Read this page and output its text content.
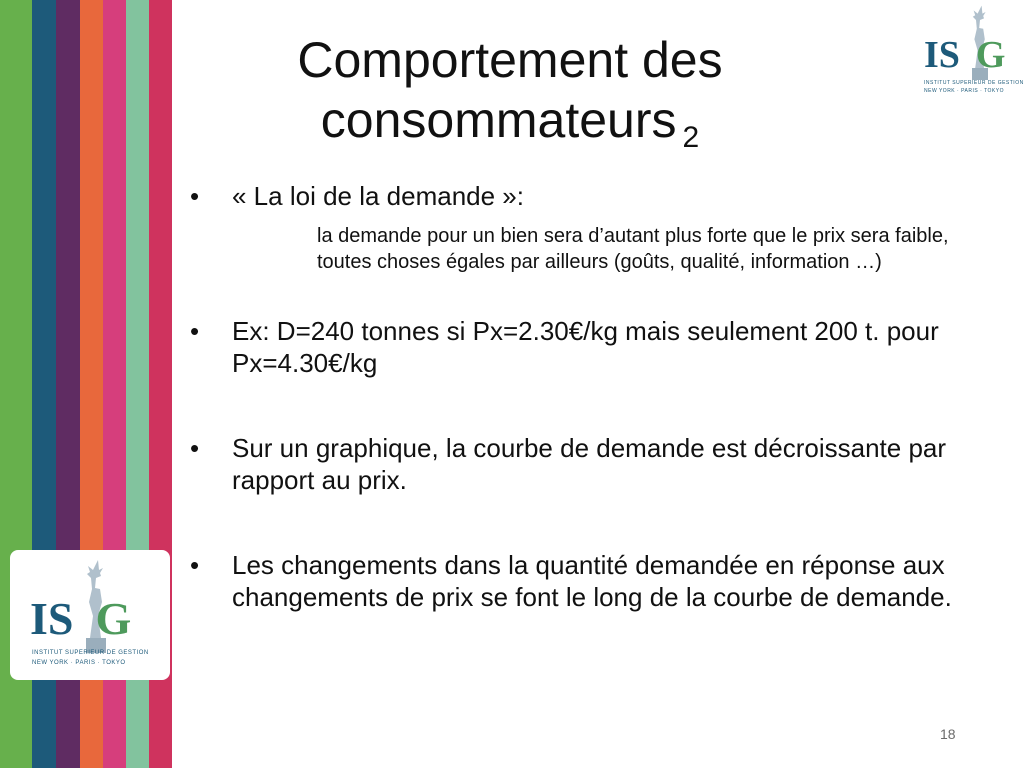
IS G
INSTITUT SUPERIEUR DE GESTION
NEW YORK · PARIS · TOKYO
IS G
INSTITUT SUPERIEUR DE GESTION
NEW YORK · PARIS · TOKYO
Comportement des consommateurs $_2$
•	« La loi de la demande »:
la demande pour un bien sera d’autant plus forte que le prix sera faible, toutes choses égales par ailleurs (goûts, qualité, information …)
•	Ex: D=240 tonnes si Px=2.30€/kg mais seulement 200 t. pour Px=4.30€/kg
•	Sur un graphique, la courbe de demande est décroissante par rapport au prix.
•	Les changements dans la quantité demandée en réponse aux changements de prix se font le long de la courbe de demande.
18
